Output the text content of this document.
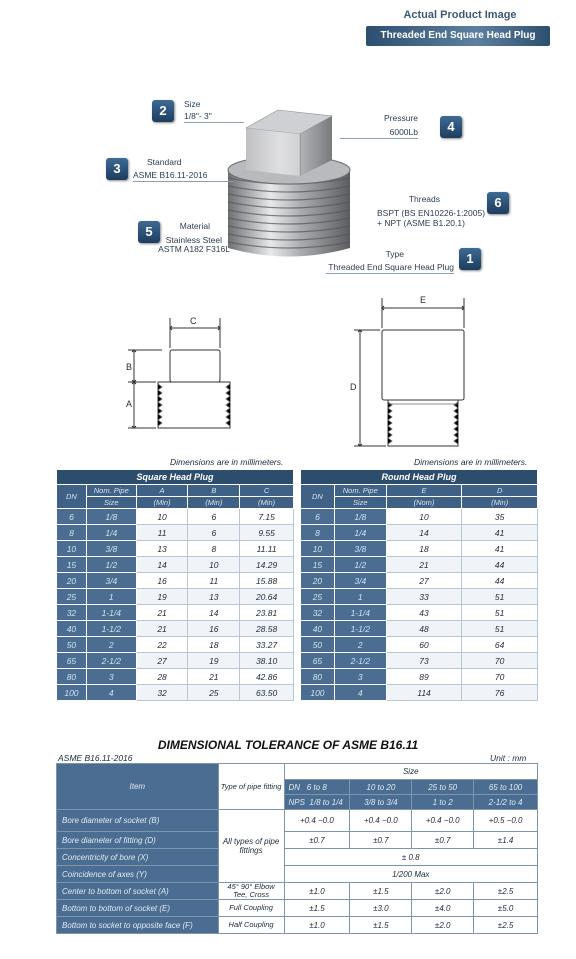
Actual Product Image
Threaded End Square Head Plug
2	Size
1/8"- 3"
4
Pressure
6000Lb
3	Standard
ASME B16.11-2016
6
Threads
BSPT (BS EN10226-1:2005)
+ NPT (ASME B1.20.1)
5	Material
Stainless Steel
ASTM A182 F316L
1
Type
Threaded End Square Head Plug
C
B
A
E
D
Dimensions are in millimeters.	Dimensions are in millimeters.
Square Head Plug				
DN	Nom. Pipe	A	B	C
	Size	(Min)	(Min)	(Min)
6	1/8	10	6	7.15
8	1/4	11	6	9.55
10	3/8	13	8	11.11
15	1/2	14	10	14.29
20	3/4	16	11	15.88
25	1	19	13	20.64
32	1-1/4	21	14	23.81
40	1-1/2	21	16	28.58
50	2	22	18	33.27
65	2-1/2	27	19	38.10
80	3	28	21	42.86
100	4	32	25	63.50
Round Head Plug			
DN	Nom. Pipe	E	D
	Size	(Nom)	(Min)
6	1/8	10	35
8	1/4	14	41
10	3/8	18	41
15	1/2	21	44
20	3/4	27	44
25	1	33	51
32	1-1/4	43	51
40	1-1/2	48	51
50	2	60	64
65	2-1/2	73	70
80	3	89	70
100	4	114	76
DIMENSIONAL TOLERANCE OF ASME B16.11
ASME B16.11-2016	Unit : mm
Item	Type of pipe fitting	Size			
		DN 6 to 8	10 to 20	25 to 50	65 to 100
		NPS 1/8 to 1/4	3/8 to 3/4	1 to 2	2-1/2 to 4
Bore diameter of socket (B)	All types of pipe fittings	+0.4 −0.0	+0.4 −0.0	+0.4 −0.0	+0.5 −0.0
Bore diameter of fitting (D)		±0.7	±0.7	±0.7	±1.4
Concentricity of bore (X)		± 0.8			
Coincidence of axes (Y)		1/200 Max			
Center to bottom of socket (A)	45° 90° Elbow Tee, Cross	±1.0	±1.5	±2.0	±2.5
Bottom to bottom of socket (E)	Full Coupling	±1.5	±3.0	±4.0	±5.0
Bottom to socket to opposite face (F)	Half Coupling	±1.0	±1.5	±2.0	±2.5
